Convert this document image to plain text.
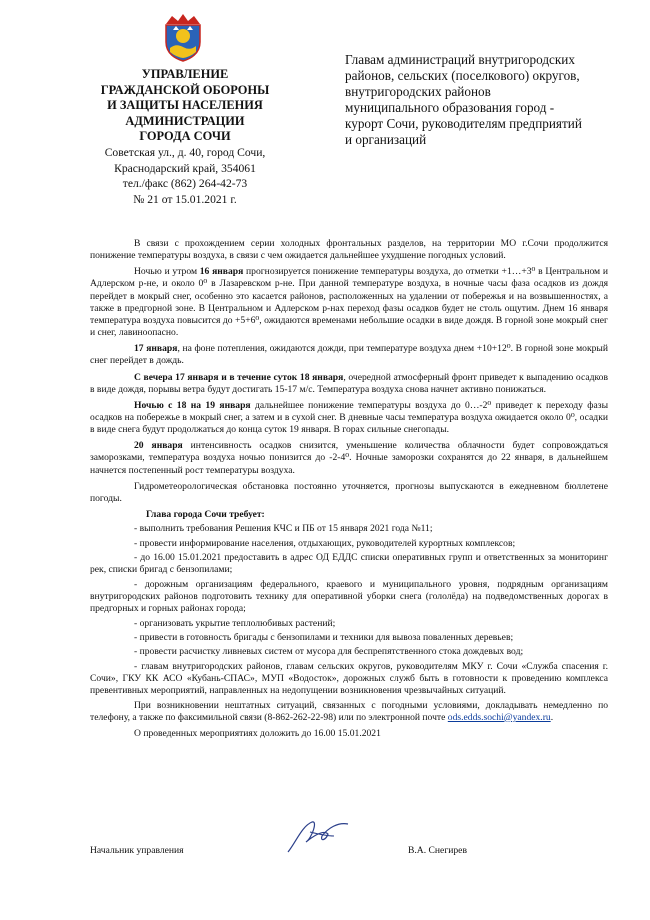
УПРАВЛЕНИЕ
ГРАЖДАНСКОЙ ОБОРОНЫ
И ЗАЩИТЫ НАСЕЛЕНИЯ
АДМИНИСТРАЦИИ
ГОРОДА СОЧИ

Советская ул., д. 40, город Сочи,
Краснодарский край, 354061
тел./факс (862) 264-42-73
№ 21 от 15.01.2021 г.

Главам администраций внутригородских
районов, сельских (поселкового) округов,
внутригородских районов
муниципального образования город -
курорт Сочи, руководителям предприятий
и организаций

В связи с прохождением серии холодных фронтальных разделов, на территории МО г.Сочи продолжится понижение температуры воздуха, в связи с чем ожидается дальнейшее ухудшение погодных условий.

Ночью и утром 16 января прогнозируется понижение температуры воздуха, до отметки +1…+3⁰ в Центральном и Адлерском р-не, и около 0⁰ в Лазаревском р-не. При данной температуре воздуха, в ночные часы фаза осадков из дождя перейдет в мокрый снег, особенно это касается районов, расположенных на удалении от побережья и на возвышенностях, а также в предгорной зоне. В Центральном и Адлерском р-нах переход фазы осадков будет не столь ощутим. Днем 16 января температура воздуха повысится до +5+6⁰, ожидаются временами небольшие осадки в виде дождя. В горной зоне мокрый снег и снег, лавиноопасно.

17 января, на фоне потепления, ожидаются дожди, при температуре воздуха днем +10+12⁰. В горной зоне мокрый снег перейдет в дождь.

С вечера 17 января и в течение суток 18 января, очередной атмосферный фронт приведет к выпадению осадков в виде дождя, порывы ветра будут достигать 15-17 м/с. Температура воздуха снова начнет активно понижаться.

Ночью с 18 на 19 января дальнейшее понижение температуры воздуха до 0…-2⁰ приведет к переходу фазы осадков на побережье в мокрый снег, а затем и в сухой снег. В дневные часы температура воздуха ожидается около 0⁰, осадки в виде снега будут продолжаться до конца суток 19 января. В горах сильные снегопады.

20 января интенсивность осадков снизится, уменьшение количества облачности будет сопровождаться заморозками, температура воздуха ночью понизится до -2-4⁰. Ночные заморозки сохранятся до 22 января, в дальнейшем начнется постепенный рост температуры воздуха.

Гидрометеорологическая обстановка постоянно уточняется, прогнозы выпускаются в ежедневном бюллетене погоды.

Глава города Сочи требует:

- выполнить требования Решения КЧС и ПБ от 15 января 2021 года №11;

- провести информирование населения, отдыхающих, руководителей курортных комплексов;

- до 16.00 15.01.2021 предоставить в адрес ОД ЕДДС списки оперативных групп и ответственных за мониторинг рек, списки бригад с бензопилами;

- дорожным организациям федерального, краевого и муниципального уровня, подрядным организациям внутригородских районов подготовить технику для оперативной уборки снега (гололёда) на подведомственных дорогах в предгорных и горных районах города;

- организовать укрытие теплолюбивых растений;

- привести в готовность бригады с бензопилами и техники для вывоза поваленных деревьев;

- провести расчистку ливневых систем от мусора для беспрепятственного стока дождевых вод;

- главам внутригородских районов, главам сельских округов, руководителям МКУ г. Сочи «Служба спасения г. Сочи», ГКУ КК АСО «Кубань-СПАС», МУП «Водосток», дорожных служб быть в готовности к проведению комплекса превентивных мероприятий, направленных на недопущении возникновения чрезвычайных ситуаций.

При возникновении нештатных ситуаций, связанных с погодными условиями, докладывать немедленно по телефону, а также по факсимильной связи (8-862-262-22-98) или по электронной почте ods.edds.sochi@yandex.ru.

О проведенных мероприятиях доложить до 16.00 15.01.2021

Начальник управления	В.А. Снегирев
